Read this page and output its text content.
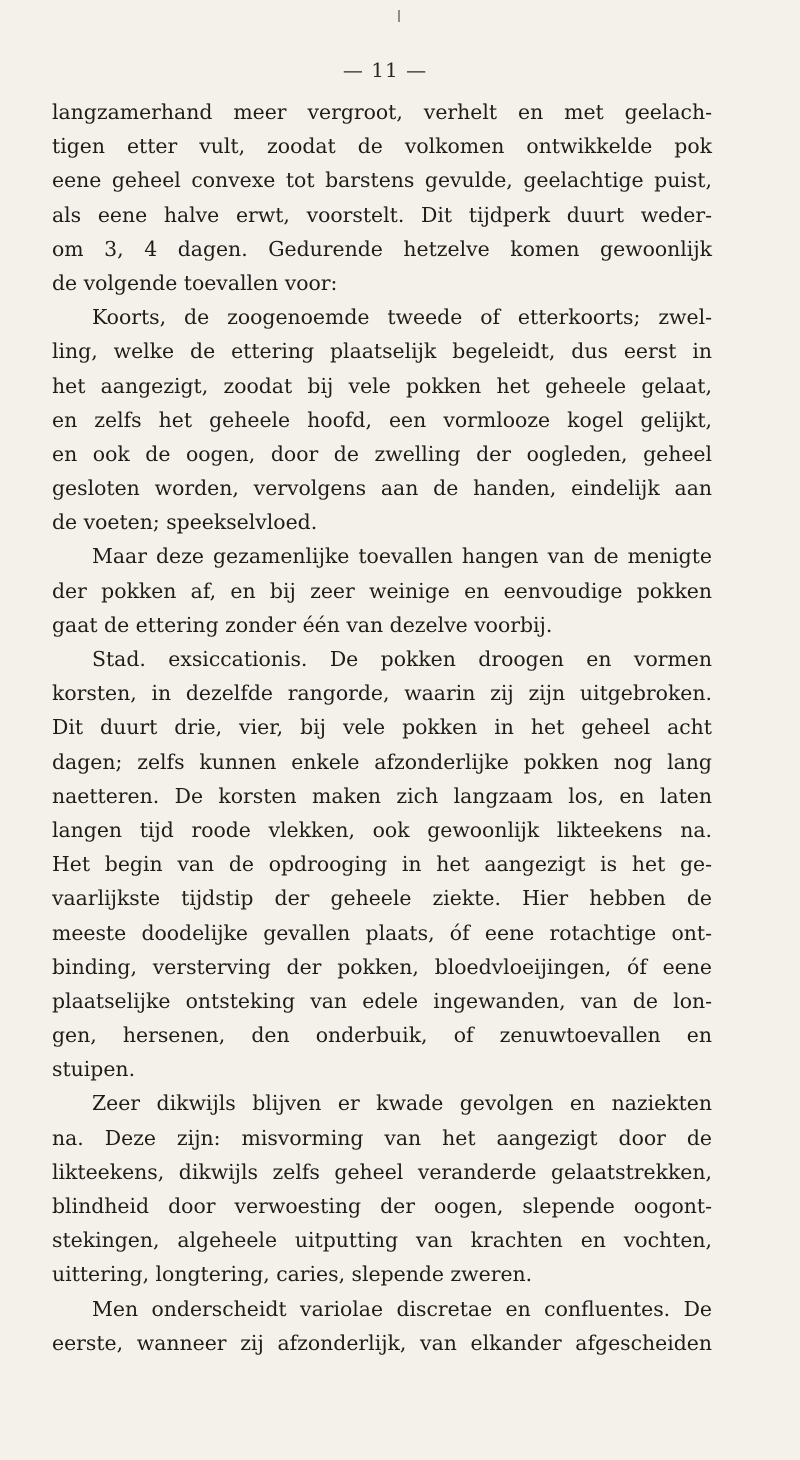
— 11 —
langzamerhand meer vergroot, verhelt en met geelach-
tigen etter vult, zoodat de volkomen ontwikkelde pok
eene geheel convexe tot barstens gevulde, geelachtige puist,
als eene halve erwt, voorstelt. Dit tijdperk duurt weder-
om 3, 4 dagen. Gedurende hetzelve komen gewoonlijk
de volgende toevallen voor:
Koorts, de zoogenoemde tweede of etterkoorts; zwel-
ling, welke de ettering plaatselijk begeleidt, dus eerst in
het aangezigt, zoodat bij vele pokken het geheele gelaat,
en zelfs het geheele hoofd, een vormlooze kogel gelijkt,
en ook de oogen, door de zwelling der oogleden, geheel
gesloten worden, vervolgens aan de handen, eindelijk aan
de voeten; speekselvloed.
Maar deze gezamenlijke toevallen hangen van de menigte
der pokken af, en bij zeer weinige en eenvoudige pokken
gaat de ettering zonder één van dezelve voorbij.
Stad. exsiccationis. De pokken droogen en vormen
korsten, in dezelfde rangorde, waarin zij zijn uitgebroken.
Dit duurt drie, vier, bij vele pokken in het geheel acht
dagen; zelfs kunnen enkele afzonderlijke pokken nog lang
naetteren. De korsten maken zich langzaam los, en laten
langen tijd roode vlekken, ook gewoonlijk likteekens na.
Het begin van de opdrooging in het aangezigt is het ge-
vaarlijkste tijdstip der geheele ziekte. Hier hebben de
meeste doodelijke gevallen plaats, óf eene rotachtige ont-
binding, versterving der pokken, bloedvloeijingen, óf eene
plaatselijke ontsteking van edele ingewanden, van de lon-
gen, hersenen, den onderbuik, of zenuwtoevallen en
stuipen.
Zeer dikwijls blijven er kwade gevolgen en naziekten
na. Deze zijn: misvorming van het aangezigt door de
likteekens, dikwijls zelfs geheel veranderde gelaatstrekken,
blindheid door verwoesting der oogen, slepende oogont-
stekingen, algeheele uitputting van krachten en vochten,
uittering, longtering, caries, slepende zweren.
Men onderscheidt variolae discretae en confluentes. De
eerste, wanneer zij afzonderlijk, van elkander afgescheiden
